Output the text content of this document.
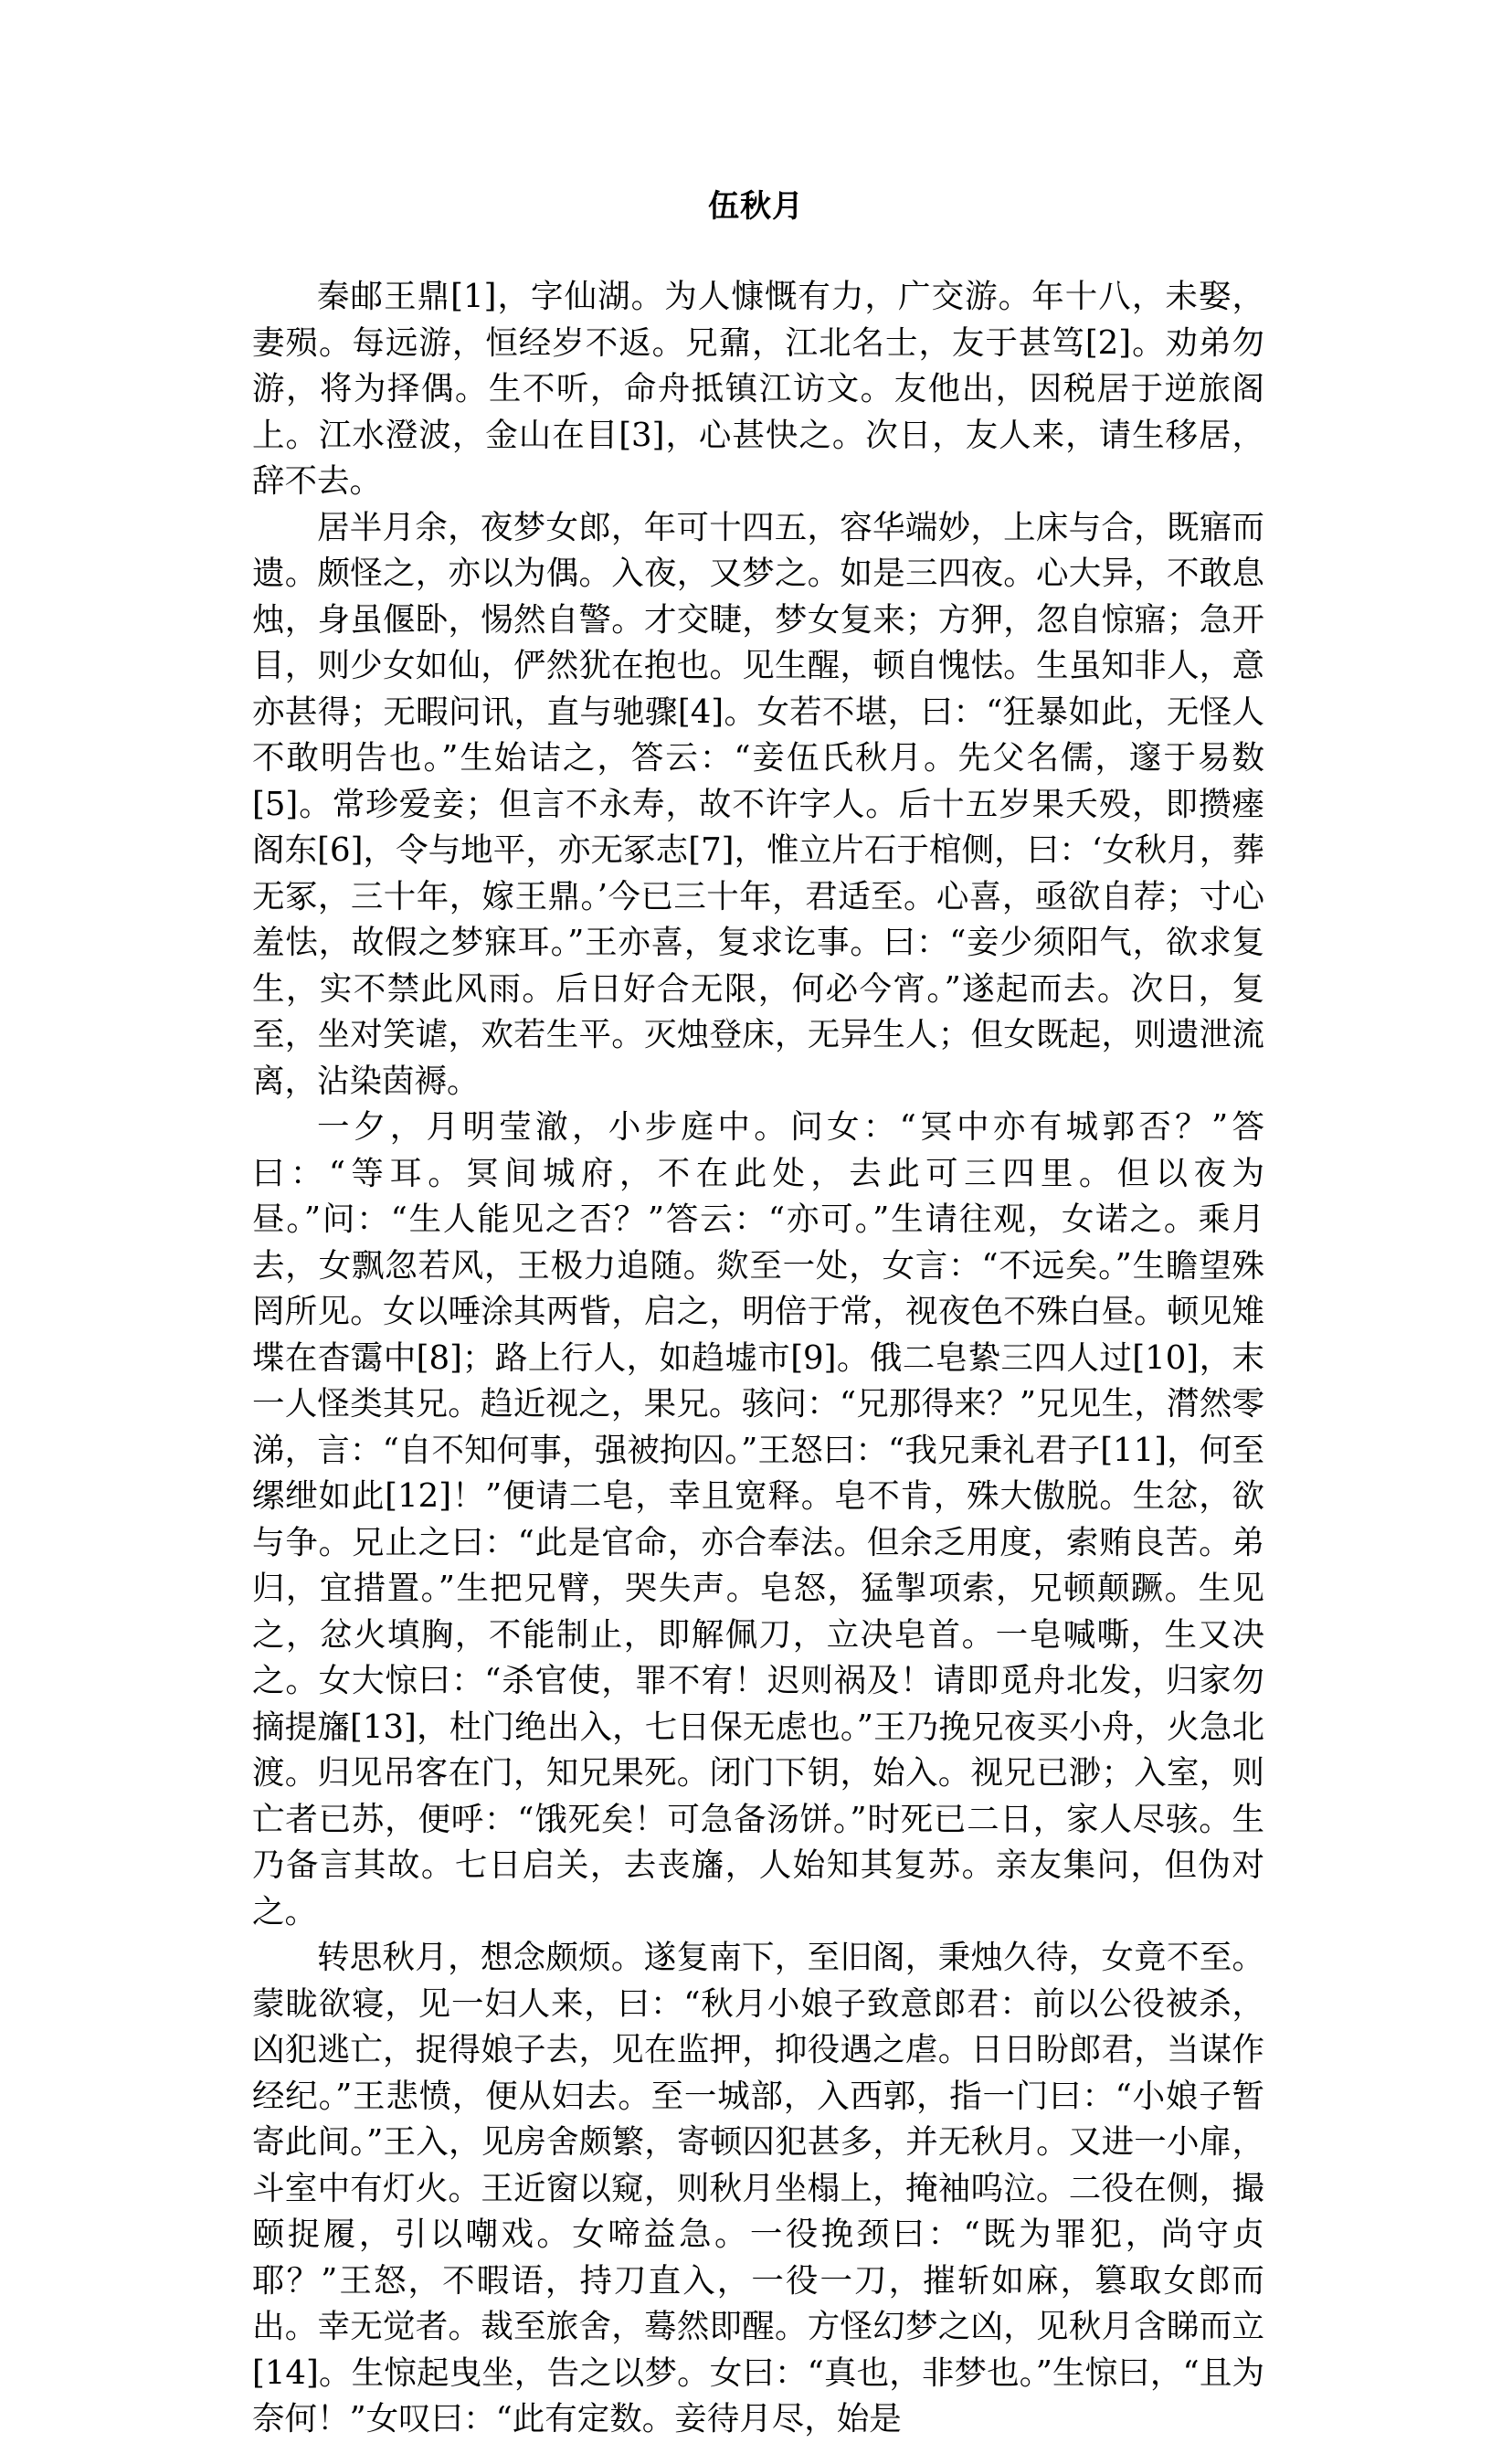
伍秋月

秦邮王鼎[1]，字仙湖。为人慷慨有力，广交游。年十八，未娶，妻殒。每远游，恒经岁不返。兄鼐，江北名士，友于甚笃[2]。劝弟勿游，将为择偶。生不听，命舟抵镇江访文。友他出，因税居于逆旅阁上。江水澄波，金山在目[3]，心甚快之。次日，友人来，请生移居，辞不去。

居半月余，夜梦女郎，年可十四五，容华端妙，上床与合，既寤而遗。颇怪之，亦以为偶。入夜，又梦之。如是三四夜。心大异，不敢息烛，身虽偃卧，惕然自警。才交睫，梦女复来；方狎，忽自惊寤；急开目，则少女如仙，俨然犹在抱也。见生醒，顿自愧怯。生虽知非人，意亦甚得；无暇问讯，直与驰骤[4]。女若不堪，曰：“狂暴如此，无怪人不敢明告也。”生始诘之，答云：“妾伍氏秋月。先父名儒，邃于易数[5]。常珍爱妾；但言不永寿，故不许字人。后十五岁果夭殁，即攒瘗阁东[6]，令与地平，亦无冢志[7]，惟立片石于棺侧，曰：‘女秋月，葬无冢，三十年，嫁王鼎。’今已三十年，君适至。心喜，亟欲自荐；寸心羞怯，故假之梦寐耳。”王亦喜，复求讫事。曰：“妾少须阳气，欲求复生，实不禁此风雨。后日好合无限，何必今宵。”遂起而去。次日，复至，坐对笑谑，欢若生平。灭烛登床，无异生人；但女既起，则遗泄流离，沾染茵褥。

一夕，月明莹澈，小步庭中。问女：“冥中亦有城郭否？”答曰：“等耳。冥间城府，不在此处，去此可三四里。但以夜为昼。”问：“生人能见之否？”答云：“亦可。”生请往观，女诺之。乘月去，女飘忽若风，王极力追随。欻至一处，女言：“不远矣。”生瞻望殊罔所见。女以唾涂其两眥，启之，明倍于常，视夜色不殊白昼。顿见雉堞在杳霭中[8]；路上行人，如趋墟市[9]。俄二皂絷三四人过[10]，末一人怪类其兄。趋近视之，果兄。骇问：“兄那得来？”兄见生，潸然零涕，言：“自不知何事，强被拘囚。”王怒曰：“我兄秉礼君子[11]，何至缧绁如此[12]！”便请二皂，幸且宽释。皂不肯，殊大傲脱。生忿，欲与争。兄止之曰：“此是官命，亦合奉法。但余乏用度，索贿良苦。弟归，宜措置。”生把兄臂，哭失声。皂怒，猛掣项索，兄顿颠蹶。生见之，忿火填胸，不能制止，即解佩刀，立决皂首。一皂喊嘶，生又决之。女大惊曰：“杀官使，罪不宥！迟则祸及！请即觅舟北发，归家勿摘提旛[13]，杜门绝出入，七日保无虑也。”王乃挽兄夜买小舟，火急北渡。归见吊客在门，知兄果死。闭门下钥，始入。视兄已渺；入室，则亡者已苏，便呼：“饿死矣！可急备汤饼。”时死已二日，家人尽骇。生乃备言其故。七日启关，去丧旛，人始知其复苏。亲友集问，但伪对之。

转思秋月，想念颇烦。遂复南下，至旧阁，秉烛久待，女竟不至。蒙眬欲寝，见一妇人来，曰：“秋月小娘子致意郎君：前以公役被杀，凶犯逃亡，捉得娘子去，见在监押，抑役遇之虐。日日盼郎君，当谋作经纪。”王悲愤，便从妇去。至一城部，入西郭，指一门曰：“小娘子暂寄此间。”王入，见房舍颇繁，寄顿囚犯甚多，并无秋月。又进一小扉，斗室中有灯火。王近窗以窥，则秋月坐榻上，掩袖呜泣。二役在侧，撮颐捉履，引以嘲戏。女啼益急。一役挽颈曰：“既为罪犯，尚守贞耶？”王怒，不暇语，持刀直入，一役一刀，摧斩如麻，篡取女郎而出。幸无觉者。裁至旅舍，蓦然即醒。方怪幻梦之凶，见秋月含睇而立[14]。生惊起曳坐，告之以梦。女曰：“真也，非梦也。”生惊曰，“且为奈何！”女叹曰：“此有定数。妾待月尽，始是
